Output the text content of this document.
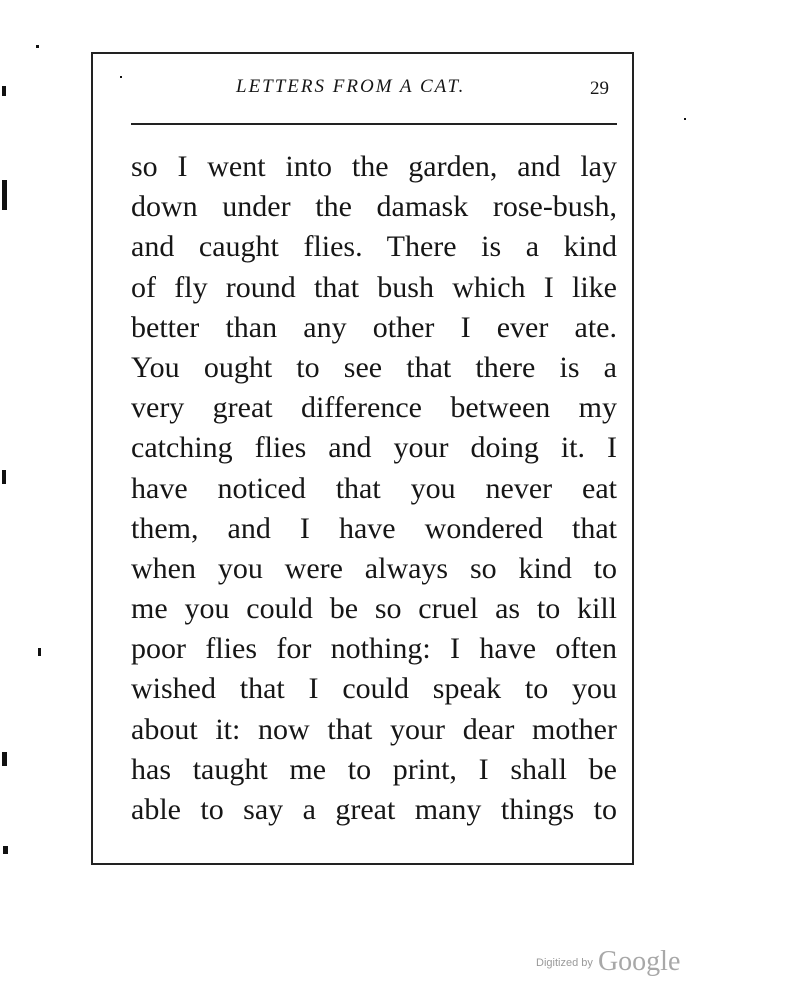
LETTERS FROM A CAT.	29
so I went into the garden, and lay
down under the damask rose-bush,
and caught flies. There is a kind
of fly round that bush which I like
better than any other I ever ate.
You ought to see that there is a
very great difference between my
catching flies and your doing it. I
have noticed that you never eat
them, and I have wondered that
when you were always so kind to
me you could be so cruel as to kill
poor flies for nothing: I have often
wished that I could speak to you
about it: now that your dear mother
has taught me to print, I shall be
able to say a great many things to
$^{Digitized by}$ Google
